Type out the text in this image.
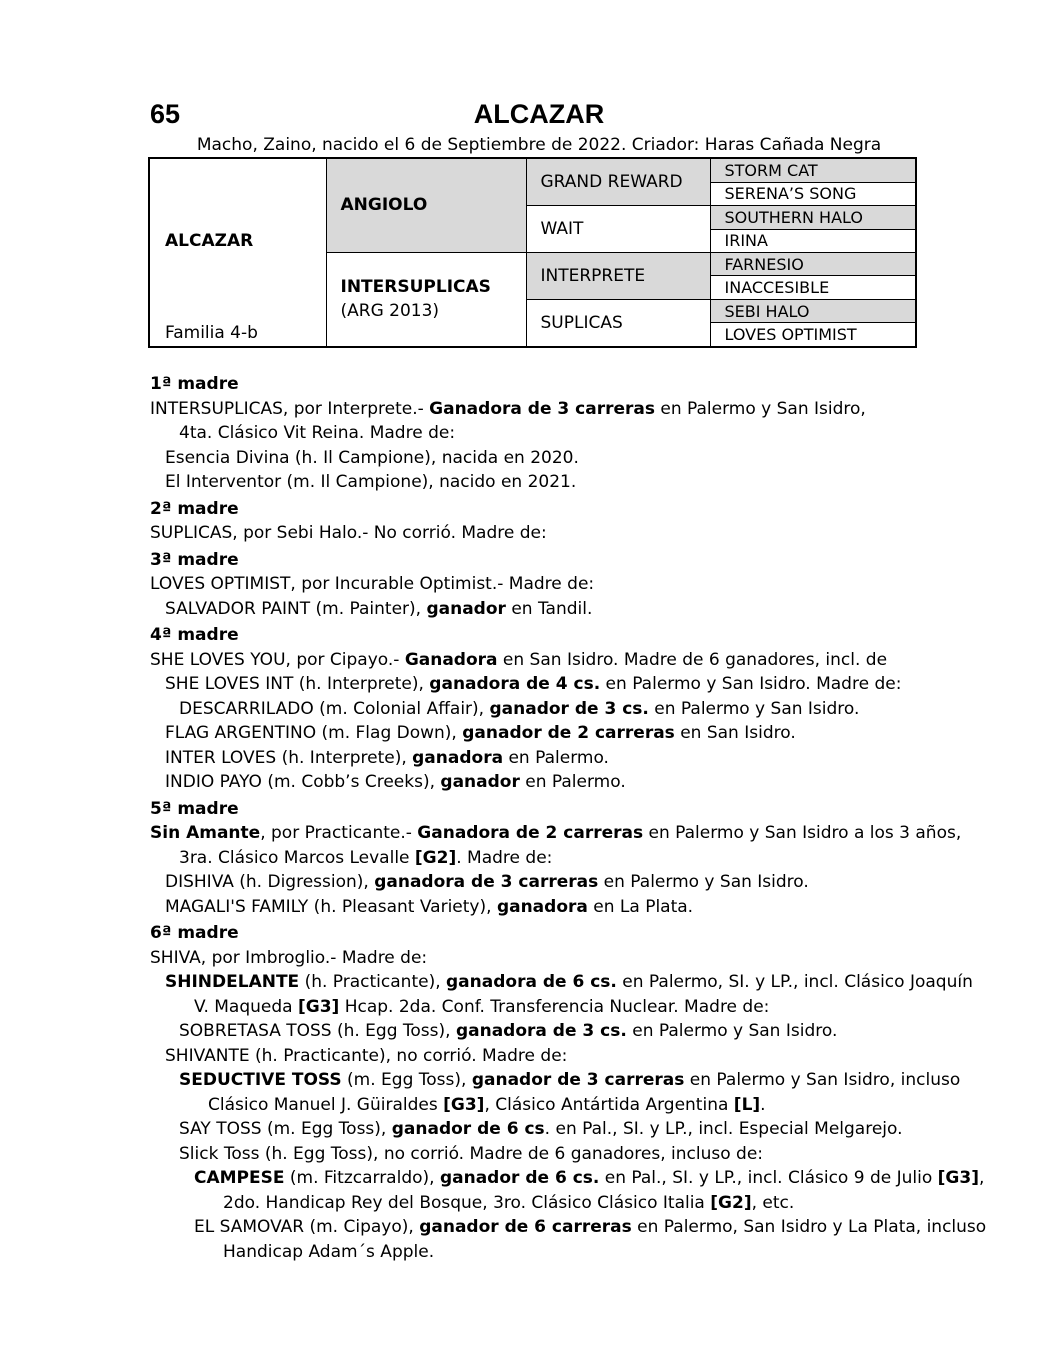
65	ALCAZAR
Macho, Zaino, nacido el 6 de Septiembre de 2022. Criador: Haras Cañada Negra
ALCAZAR
Familia 4-b	ANGIOLO	GRAND REWARD	STORM CAT
			SERENA’S SONG
		WAIT	SOUTHERN HALO
			IRINA

	INTERSUPLICAS
(ARG 2013)	INTERPRETE	FARNESIO
			INACCESIBLE
		SUPLICAS	SEBI HALO
			LOVES OPTIMIST

1ª madre

INTERSUPLICAS, por Interprete.- Ganadora de 3 carreras en Palermo y San Isidro,

4ta. Clásico Vit Reina. Madre de:

Esencia Divina (h. Il Campione), nacida en 2020.

El Interventor (m. Il Campione), nacido en 2021.

2ª madre

SUPLICAS, por Sebi Halo.- No corrió. Madre de:

3ª madre

LOVES OPTIMIST, por Incurable Optimist.- Madre de:

SALVADOR PAINT (m. Painter), ganador en Tandil.

4ª madre

SHE LOVES YOU, por Cipayo.- Ganadora en San Isidro. Madre de 6 ganadores, incl. de

SHE LOVES INT (h. Interprete), ganadora de 4 cs. en Palermo y San Isidro. Madre de:

DESCARRILADO (m. Colonial Affair), ganador de 3 cs. en Palermo y San Isidro.

FLAG ARGENTINO (m. Flag Down), ganador de 2 carreras en San Isidro.

INTER LOVES (h. Interprete), ganadora en Palermo.

INDIO PAYO (m. Cobb’s Creeks), ganador en Palermo.

5ª madre

Sin Amante, por Practicante.- Ganadora de 2 carreras en Palermo y San Isidro a los 3 años,

3ra. Clásico Marcos Levalle [G2]. Madre de:

DISHIVA (h. Digression), ganadora de 3 carreras en Palermo y San Isidro.

MAGALI'S FAMILY (h. Pleasant Variety), ganadora en La Plata.

6ª madre

SHIVA, por Imbroglio.- Madre de:

SHINDELANTE (h. Practicante), ganadora de 6 cs. en Palermo, SI. y LP., incl. Clásico Joaquín

V. Maqueda [G3] Hcap. 2da. Conf. Transferencia Nuclear. Madre de:

SOBRETASA TOSS (h. Egg Toss), ganadora de 3 cs. en Palermo y San Isidro.

SHIVANTE (h. Practicante), no corrió. Madre de:

SEDUCTIVE TOSS (m. Egg Toss), ganador de 3 carreras en Palermo y San Isidro, incluso

Clásico Manuel J. Güiraldes [G3], Clásico Antártida Argentina [L].

SAY TOSS (m. Egg Toss), ganador de 6 cs. en Pal., SI. y LP., incl. Especial Melgarejo.

Slick Toss (h. Egg Toss), no corrió. Madre de 6 ganadores, incluso de:

CAMPESE (m. Fitzcarraldo), ganador de 6 cs. en Pal., SI. y LP., incl. Clásico 9 de Julio [G3],

2do. Handicap Rey del Bosque, 3ro. Clásico Clásico Italia [G2], etc.

EL SAMOVAR (m. Cipayo), ganador de 6 carreras en Palermo, San Isidro y La Plata, incluso

Handicap Adam´s Apple.
